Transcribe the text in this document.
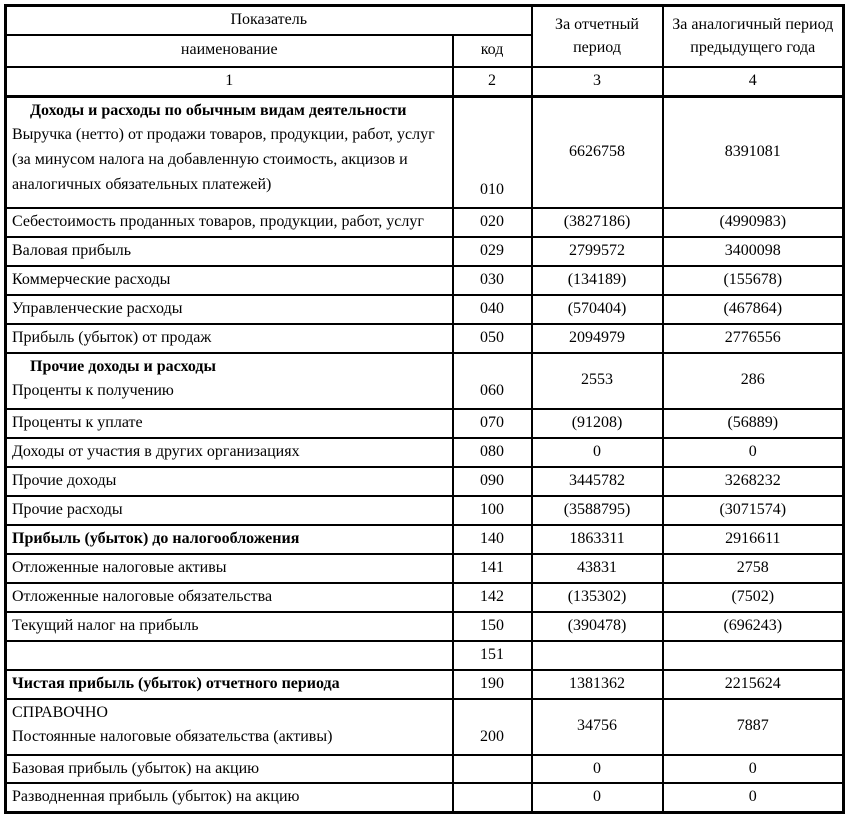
Показатель		За отчетный период	За аналогичный период предыдущего года

наименование	код		
1	2	3	4

Доходы и расходы по обычным видам деятельности
Выручка (нетто) от продажи товаров, продукции, работ, услуг (за минусом налога на добавленную стоимость, акцизов и аналогичных обязательных платежей)	010	6626758	8391081
Себестоимость проданных товаров, продукции, работ, услуг	020	(3827186)	(4990983)
Валовая прибыль	029	2799572	3400098
Коммерческие расходы	030	(134189)	(155678)
Управленческие расходы	040	(570404)	(467864)
Прибыль (убыток) от продаж	050	2094979	2776556

Прочие доходы и расходы
Проценты к получению	060	2553	286
Проценты к уплате	070	(91208)	(56889)
Доходы от участия в других организациях	080	0	0
Прочие доходы	090	3445782	3268232
Прочие расходы	100	(3588795)	(3071574)
Прибыль (убыток) до налогообложения	140	1863311	2916611
Отложенные налоговые активы	141	43831	2758
Отложенные налоговые обязательства	142	(135302)	(7502)
Текущий налог на прибыль	150	(390478)	(696243)
	151		
Чистая прибыль (убыток) отчетного периода	190	1381362	2215624

СПРАВОЧНО
Постоянные налоговые обязательства (активы)	200	34756	7887
Базовая прибыль (убыток) на акцию		0	0
Разводненная прибыль (убыток) на акцию		0	0
